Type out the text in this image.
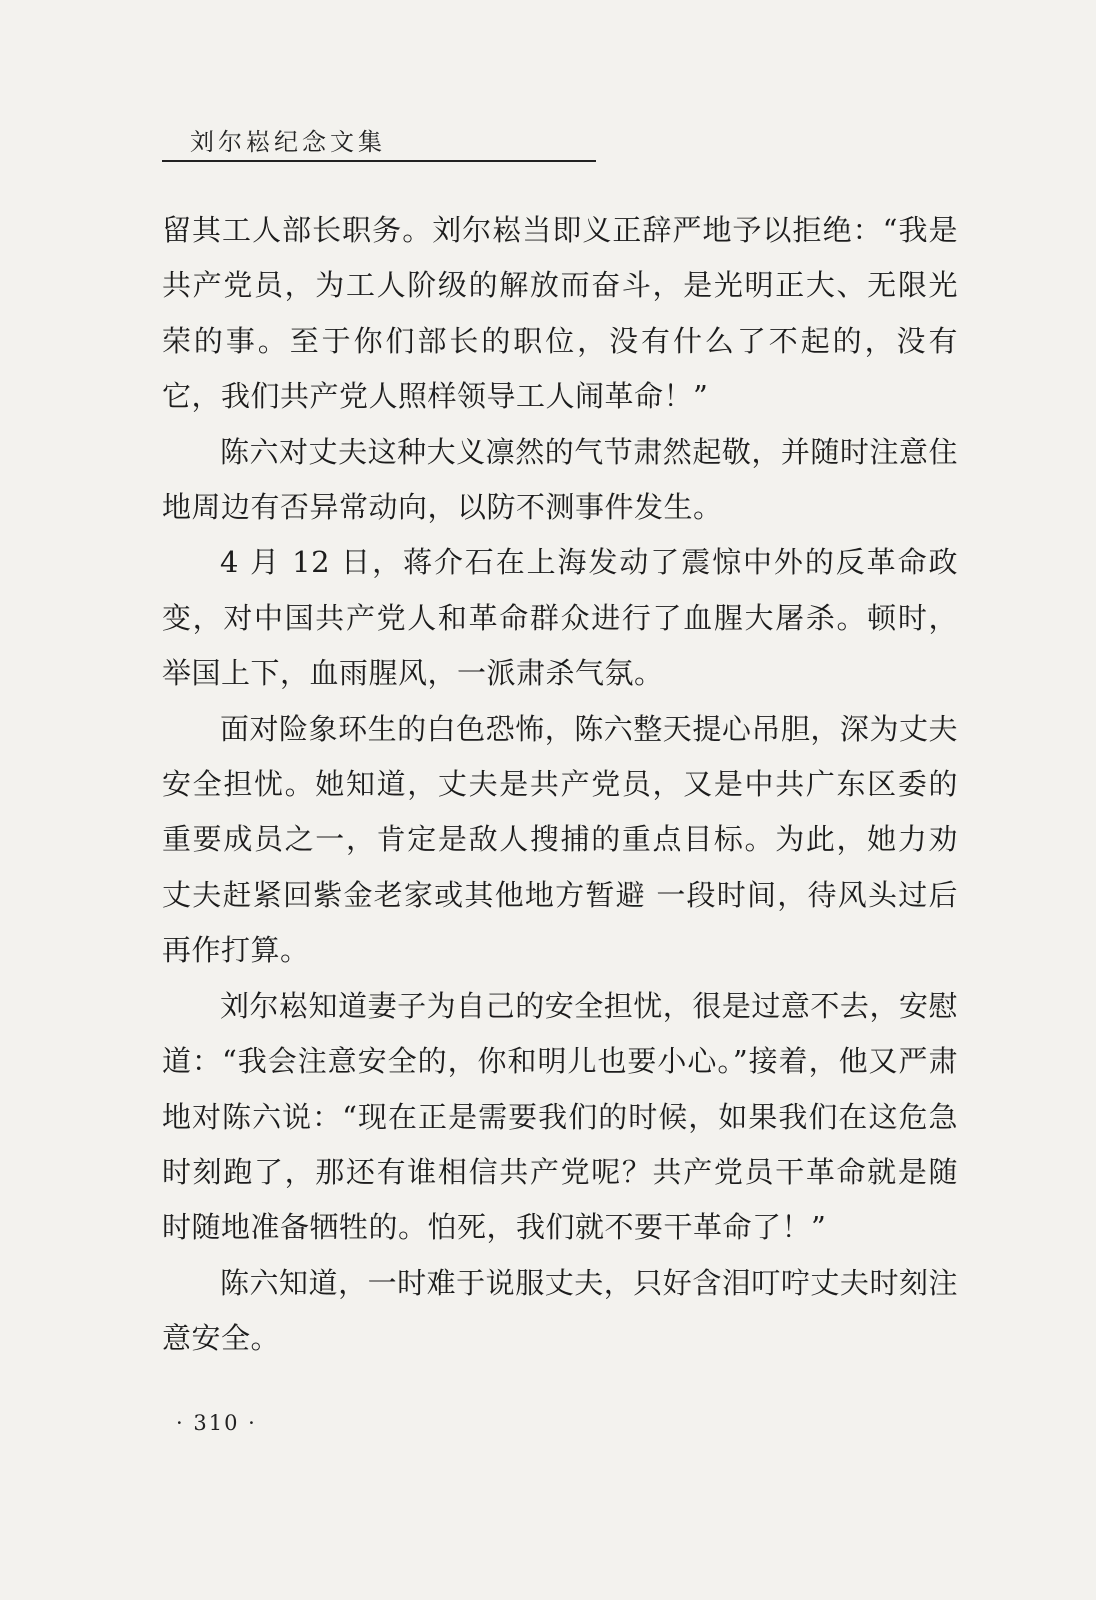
刘尔崧纪念文集

留其工人部长职务。刘尔崧当即义正辞严地予以拒绝：“我是共产党员，为工人阶级的解放而奋斗，是光明正大、无限光荣的事。至于你们部长的职位，没有什么了不起的，没有它，我们共产党人照样领导工人闹革命！”

陈六对丈夫这种大义凛然的气节肃然起敬，并随时注意住地周边有否异常动向，以防不测事件发生。

4 月 12 日，蒋介石在上海发动了震惊中外的反革命政变，对中国共产党人和革命群众进行了血腥大屠杀。顿时，举国上下，血雨腥风，一派肃杀气氛。

面对险象环生的白色恐怖，陈六整天提心吊胆，深为丈夫安全担忧。她知道，丈夫是共产党员，又是中共广东区委的重要成员之一，肯定是敌人搜捕的重点目标。为此，她力劝丈夫赶紧回紫金老家或其他地方暂避 一段时间，待风头过后再作打算。

刘尔崧知道妻子为自己的安全担忧，很是过意不去，安慰道：“我会注意安全的，你和明儿也要小心。”接着，他又严肃地对陈六说：“现在正是需要我们的时候，如果我们在这危急时刻跑了，那还有谁相信共产党呢？共产党员干革命就是随时随地准备牺牲的。怕死，我们就不要干革命了！”

陈六知道，一时难于说服丈夫，只好含泪叮咛丈夫时刻注意安全。

· 310 ·
